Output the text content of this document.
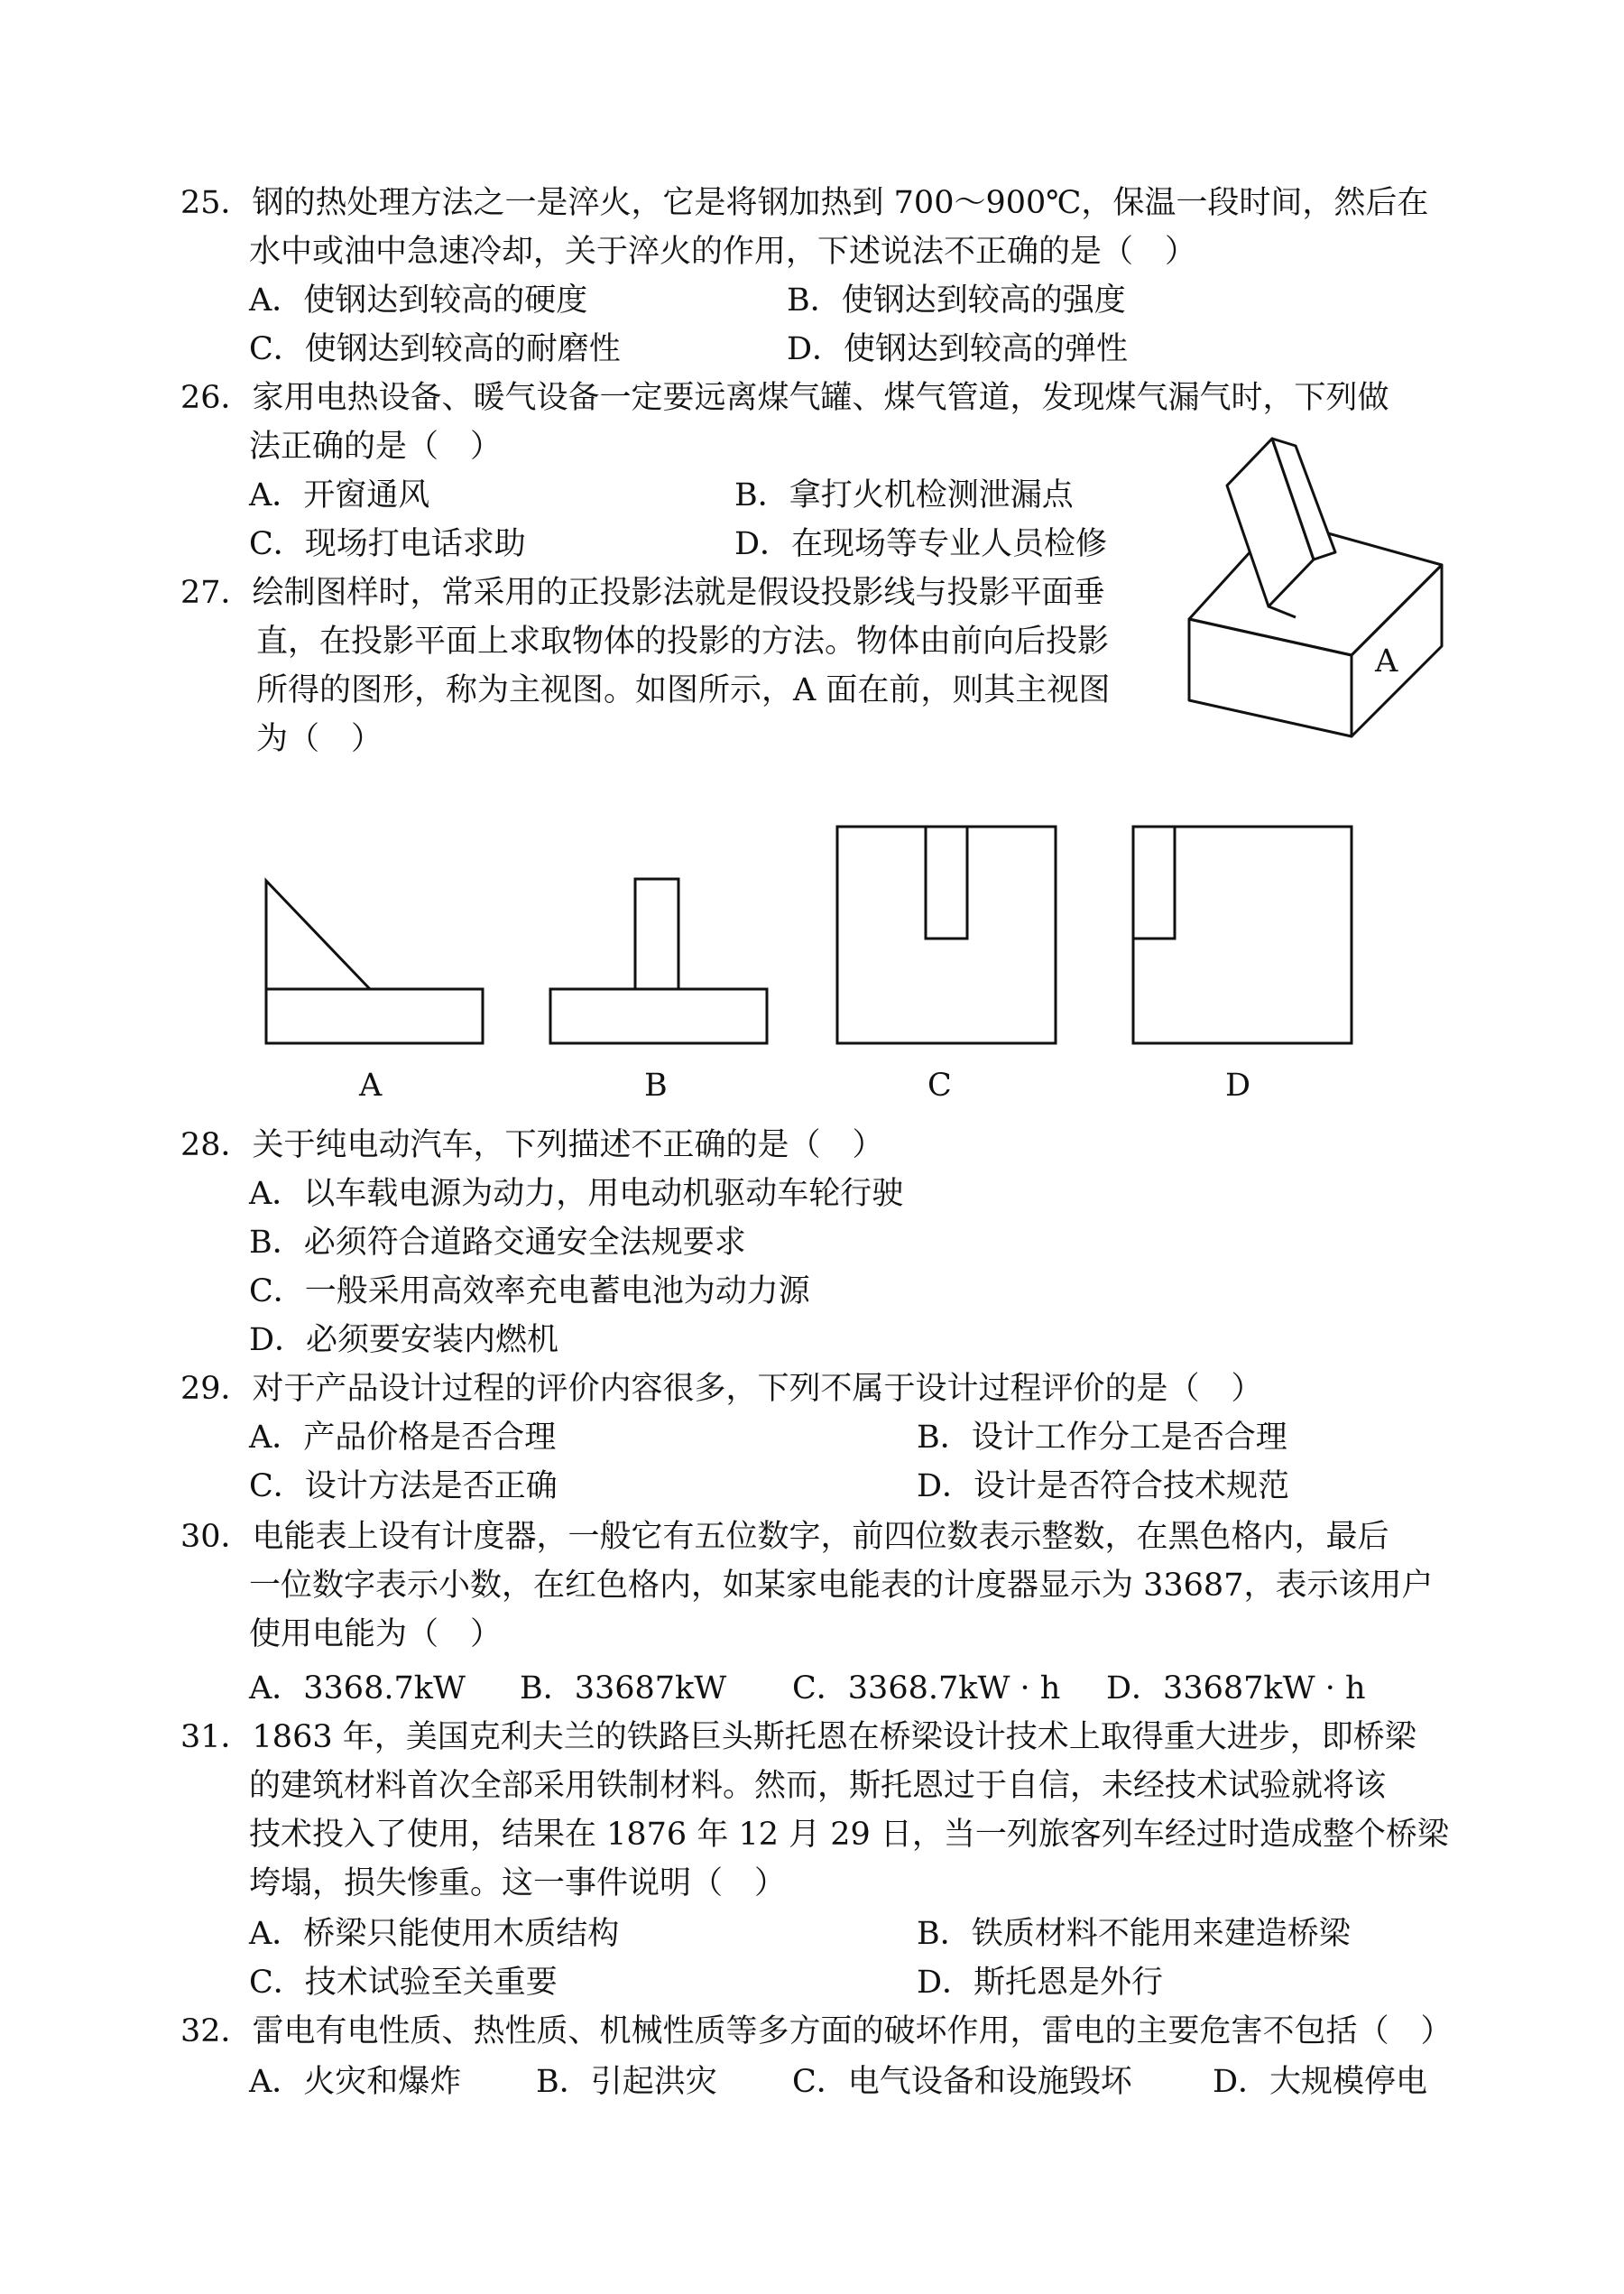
25．钢的热处理方法之一是淬火，它是将钢加热到 700～900℃，保温一段时间，然后在
水中或油中急速冷却，关于淬火的作用，下述说法不正确的是（　）
A．使钢达到较高的硬度	B．使钢达到较高的强度
C．使钢达到较高的耐磨性	D．使钢达到较高的弹性
26．家用电热设备、暖气设备一定要远离煤气罐、煤气管道，发现煤气漏气时，下列做
法正确的是（　）
A．开窗通风	B．拿打火机检测泄漏点
C．现场打电话求助	D．在现场等专业人员检修
27．绘制图样时，常采用的正投影法就是假设投影线与投影平面垂
直，在投影平面上求取物体的投影的方法。物体由前向后投影
所得的图形，称为主视图。如图所示，A 面在前，则其主视图
为（　）
A
A	B	C	D
28．关于纯电动汽车，下列描述不正确的是（　）
A．以车载电源为动力，用电动机驱动车轮行驶
B．必须符合道路交通安全法规要求
C．一般采用高效率充电蓄电池为动力源
D．必须要安装内燃机
29．对于产品设计过程的评价内容很多，下列不属于设计过程评价的是（　）
A．产品价格是否合理	B．设计工作分工是否合理
C．设计方法是否正确	D．设计是否符合技术规范
30．电能表上设有计度器，一般它有五位数字，前四位数表示整数，在黑色格内，最后
一位数字表示小数，在红色格内，如某家电能表的计度器显示为 33687，表示该用户
使用电能为（　）
A．3368.7kW B．33687kW C．3368.7kW · h D．33687kW · h
31．1863 年，美国克利夫兰的铁路巨头斯托恩在桥梁设计技术上取得重大进步，即桥梁
的建筑材料首次全部采用铁制材料。然而，斯托恩过于自信，未经技术试验就将该
技术投入了使用，结果在 1876 年 12 月 29 日，当一列旅客列车经过时造成整个桥梁
垮塌，损失惨重。这一事件说明（　）
A．桥梁只能使用木质结构	B．铁质材料不能用来建造桥梁
C．技术试验至关重要	D．斯托恩是外行
32．雷电有电性质、热性质、机械性质等多方面的破坏作用，雷电的主要危害不包括（　）
A．火灾和爆炸 B．引起洪灾 C．电气设备和设施毁坏	D．大规模停电
